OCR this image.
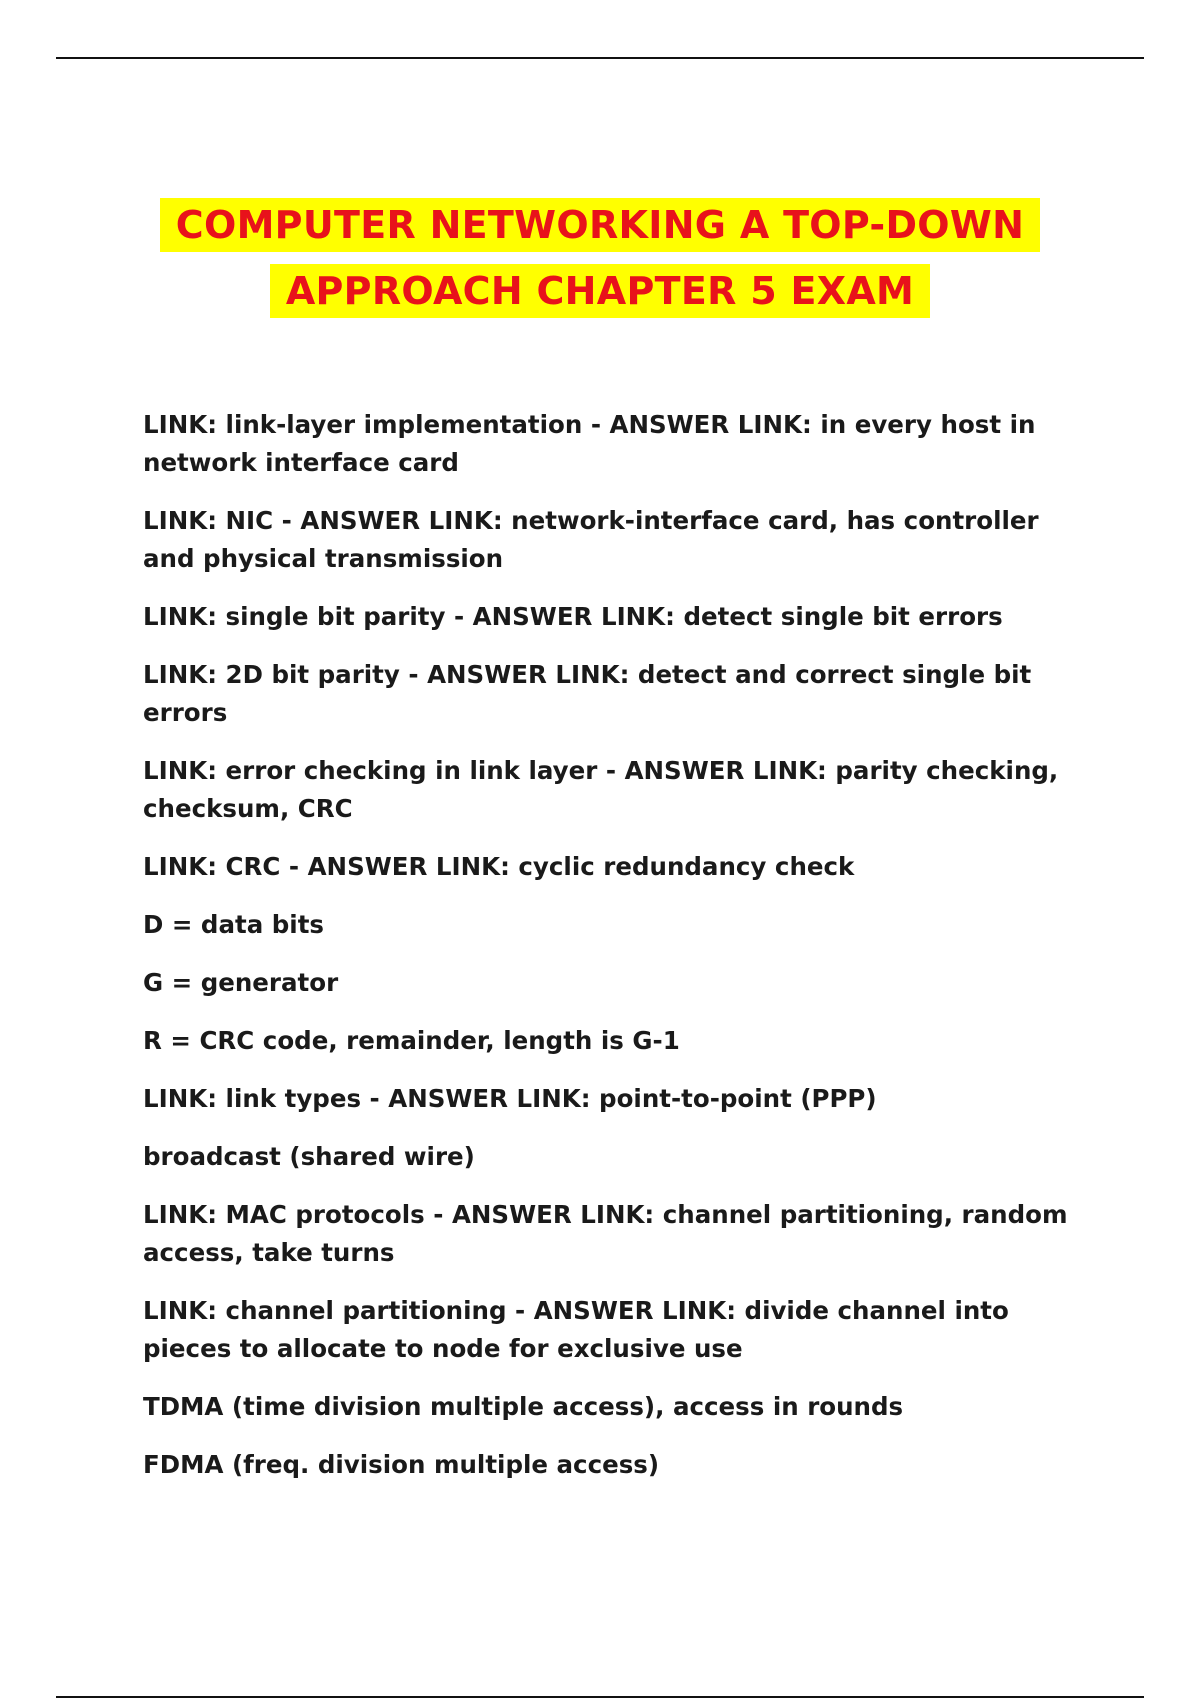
COMPUTER NETWORKING A TOP-DOWN
APPROACH CHAPTER 5 EXAM

LINK: link-layer implementation - ANSWER LINK: in every host in network interface card

LINK: NIC - ANSWER LINK: network-interface card, has controller and physical transmission

LINK: single bit parity - ANSWER LINK: detect single bit errors

LINK: 2D bit parity - ANSWER LINK: detect and correct single bit errors

LINK: error checking in link layer - ANSWER LINK: parity checking, checksum, CRC

LINK: CRC - ANSWER LINK: cyclic redundancy check

D = data bits

G = generator

R = CRC code, remainder, length is G-1

LINK: link types - ANSWER LINK: point-to-point (PPP)

broadcast (shared wire)

LINK: MAC protocols - ANSWER LINK: channel partitioning, random access, take turns

LINK: channel partitioning - ANSWER LINK: divide channel into pieces to allocate to node for exclusive use

TDMA (time division multiple access), access in rounds

FDMA (freq. division multiple access)
